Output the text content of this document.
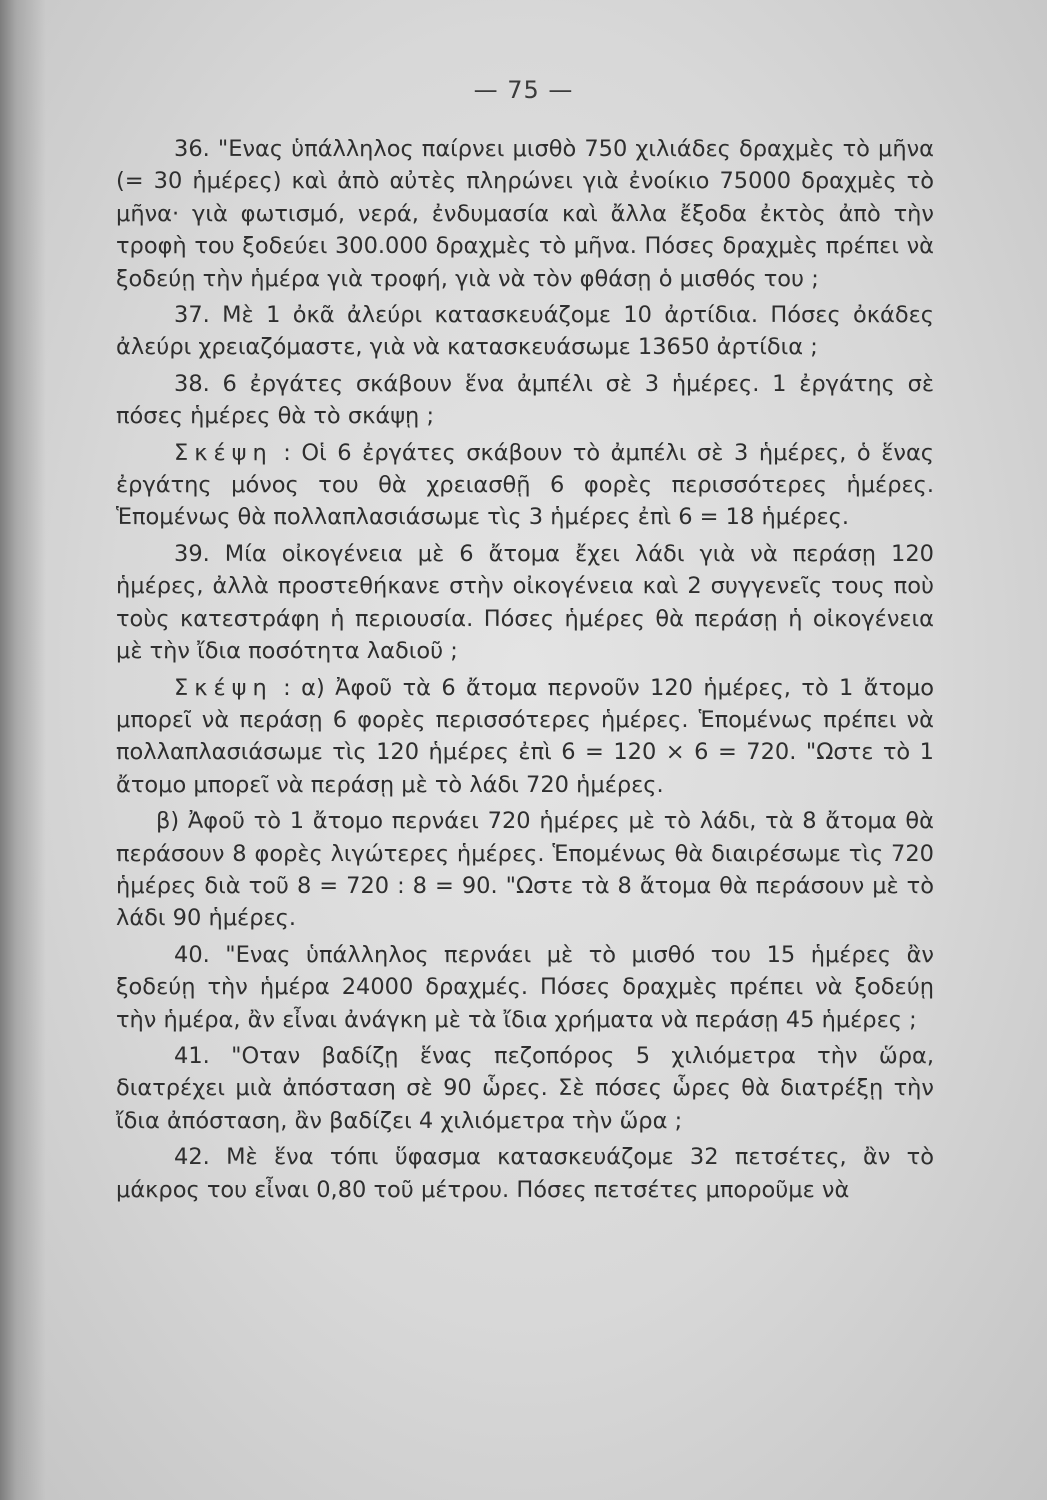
— 75 —

36. "Ενας ὑπάλληλος παίρνει μισθὸ 750 χιλιάδες δραχμὲς τὸ μῆνα (= 30 ἡμέρες) καὶ ἀπὸ αὐτὲς πληρώνει γιὰ ἐνοίκιο 75000 δραχμὲς τὸ μῆνα· γιὰ φωτισμό, νερά, ἐνδυμασία καὶ ἄλλα ἔξοδα ἐκτὸς ἀπὸ τὴν τροφὴ του ξοδεύει 300.000 δραχμὲς τὸ μῆνα. Πόσες δραχμὲς πρέπει νὰ ξοδεύῃ τὴν ἡμέρα γιὰ τροφή, γιὰ νὰ τὸν φθάσῃ ὁ μισθός του ;

37. Μὲ 1 ὀκᾶ ἀλεύρι κατασκευάζομε 10 ἀρτίδια. Πόσες ὀκάδες ἀλεύρι χρειαζόμαστε, γιὰ νὰ κατασκευάσωμε 13650 ἀρτίδια ;

38. 6 ἐργάτες σκάβουν ἕνα ἀμπέλι σὲ 3 ἡμέρες. 1 ἐργάτης σὲ πόσες ἡμέρες θὰ τὸ σκάψῃ ;

Σκέψη : Οἱ 6 ἐργάτες σκάβουν τὸ ἀμπέλι σὲ 3 ἡμέρες, ὁ ἕνας ἐργάτης μόνος του θὰ χρειασθῇ 6 φορὲς περισσότερες ἡμέρες. Ἑπομένως θὰ πολλαπλασιάσωμε τὶς 3 ἡμέρες ἐπὶ 6 = 18 ἡμέρες.

39. Μία οἰκογένεια μὲ 6 ἄτομα ἔχει λάδι γιὰ νὰ περάσῃ 120 ἡμέρες, ἀλλὰ προστεθήκανε στὴν οἰκογένεια καὶ 2 συγγενεῖς τους ποὺ τοὺς κατεστράφη ἡ περιουσία. Πόσες ἡμέρες θὰ περάσῃ ἡ οἰκογένεια μὲ τὴν ἴδια ποσότητα λαδιοῦ ;

Σκέψη : α) Ἀφοῦ τὰ 6 ἄτομα περνοῦν 120 ἡμέρες, τὸ 1 ἄτομο μπορεῖ νὰ περάσῃ 6 φορὲς περισσότερες ἡμέρες. Ἑπομένως πρέπει νὰ πολλαπλασιάσωμε τὶς 120 ἡμέρες ἐπὶ 6 = 120 × 6 = 720. "Ωστε τὸ 1 ἄτομο μπορεῖ νὰ περάσῃ μὲ τὸ λάδι 720 ἡμέρες.

β) Ἀφοῦ τὸ 1 ἄτομο περνάει 720 ἡμέρες μὲ τὸ λάδι, τὰ 8 ἄτομα θὰ περάσουν 8 φορὲς λιγώτερες ἡμέρες. Ἑπομένως θὰ διαιρέσωμε τὶς 720 ἡμέρες διὰ τοῦ 8 = 720 : 8 = 90. "Ωστε τὰ 8 ἄτομα θὰ περάσουν μὲ τὸ λάδι 90 ἡμέρες.

40. "Ενας ὑπάλληλος περνάει μὲ τὸ μισθό του 15 ἡμέρες ἂν ξοδεύῃ τὴν ἡμέρα 24000 δραχμές. Πόσες δραχμὲς πρέπει νὰ ξοδεύῃ τὴν ἡμέρα, ἂν εἶναι ἀνάγκη μὲ τὰ ἴδια χρήματα νὰ περάσῃ 45 ἡμέρες ;

41. "Οταν βαδίζῃ ἕνας πεζοπόρος 5 χιλιόμετρα τὴν ὥρα, διατρέχει μιὰ ἀπόσταση σὲ 90 ὧρες. Σὲ πόσες ὧρες θὰ διατρέξῃ τὴν ἴδια ἀπόσταση, ἂν βαδίζει 4 χιλιόμετρα τὴν ὥρα ;

42. Μὲ ἕνα τόπι ὕφασμα κατασκευάζομε 32 πετσέτες, ἂν τὸ μάκρος του εἶναι 0,80 τοῦ μέτρου. Πόσες πετσέτες μποροῦμε νὰ
